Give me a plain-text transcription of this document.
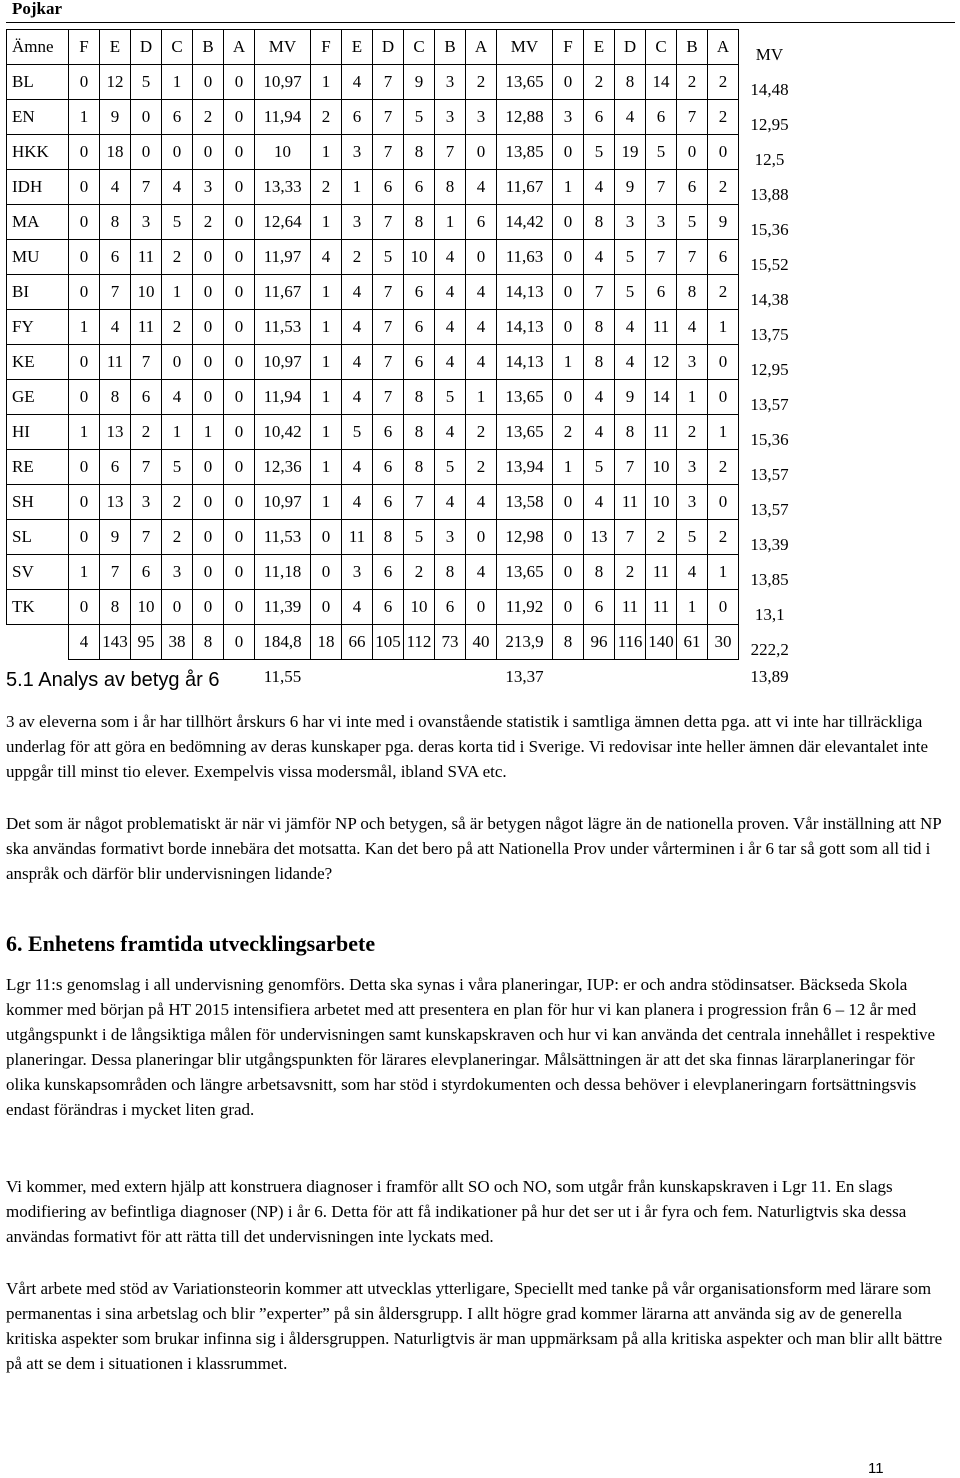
Pojkar
Ämne	F	E	D	C	B	A	MV	F	E	D	C	B	A	MV	F	E	D	C	B	A	MV
BL	0	12	5	1	0	0	10,97	1	4	7	9	3	2	13,65	0	2	8	14	2	2	14,48
EN	1	9	0	6	2	0	11,94	2	6	7	5	3	3	12,88	3	6	4	6	7	2	12,95
HKK	0	18	0	0	0	0	10	1	3	7	8	7	0	13,85	0	5	19	5	0	0	12,5
IDH	0	4	7	4	3	0	13,33	2	1	6	6	8	4	11,67	1	4	9	7	6	2	13,88
MA	0	8	3	5	2	0	12,64	1	3	7	8	1	6	14,42	0	8	3	3	5	9	15,36
MU	0	6	11	2	0	0	11,97	4	2	5	10	4	0	11,63	0	4	5	7	7	6	15,52
BI	0	7	10	1	0	0	11,67	1	4	7	6	4	4	14,13	0	7	5	6	8	2	14,38
FY	1	4	11	2	0	0	11,53	1	4	7	6	4	4	14,13	0	8	4	11	4	1	13,75
KE	0	11	7	0	0	0	10,97	1	4	7	6	4	4	14,13	1	8	4	12	3	0	12,95
GE	0	8	6	4	0	0	11,94	1	4	7	8	5	1	13,65	0	4	9	14	1	0	13,57
HI	1	13	2	1	1	0	10,42	1	5	6	8	4	2	13,65	2	4	8	11	2	1	15,36
RE	0	6	7	5	0	0	12,36	1	4	6	8	5	2	13,94	1	5	7	10	3	2	13,57
SH	0	13	3	2	0	0	10,97	1	4	6	7	4	4	13,58	0	4	11	10	3	0	13,57
SL	0	9	7	2	0	0	11,53	0	11	8	5	3	0	12,98	0	13	7	2	5	2	13,39
SV	1	7	6	3	0	0	11,18	0	3	6	2	8	4	13,65	0	8	2	11	4	1	13,85
TK	0	8	10	0	0	0	11,39	0	4	6	10	6	0	11,92	0	6	11	11	1	0	13,1
	4	143	95	38	8	0	184,8	18	66	105	112	73	40	213,9	8	96	116	140	61	30	222,2
							11,55							13,37							13,89
5.1 Analys av betyg år 6
3 av eleverna som i år har tillhört årskurs 6 har vi inte med i ovanstående statistik i samtliga ämnen detta pga. att vi inte har tillräckliga underlag för att göra en bedömning av deras kunskaper pga. deras korta tid i Sverige. Vi redovisar inte heller ämnen där elevantalet inte uppgår till minst tio elever. Exempelvis vissa modersmål, ibland SVA etc.
Det som är något problematiskt är när vi jämför NP och betygen, så är betygen något lägre än de nationella proven. Vår inställning att NP ska användas formativt borde innebära det motsatta. Kan det bero på att Nationella Prov under vårterminen i år 6 tar så gott som all tid i anspråk och därför blir undervisningen lidande?
6. Enhetens framtida utvecklingsarbete
Lgr 11:s genomslag i all undervisning genomförs. Detta ska synas i våra planeringar, IUP: er och andra stödinsatser. Bäckseda Skola kommer med början på HT 2015 intensifiera arbetet med att presentera en plan för hur vi kan planera i progression från 6 – 12 år med utgångspunkt i de långsiktiga målen för undervisningen samt kunskapskraven och hur vi kan använda det centrala innehållet i respektive planeringar. Dessa planeringar blir utgångspunkten för lärares elevplaneringar. Målsättningen är att det ska finnas lärarplaneringar för olika kunskapsområden och längre arbetsavsnitt, som har stöd i styrdokumenten och dessa behöver i elevplaneringarn fortsättningsvis endast förändras i mycket liten grad.
Vi kommer, med extern hjälp att konstruera diagnoser i framför allt SO och NO, som utgår från kunskapskraven i Lgr 11. En slags modifiering av befintliga diagnoser (NP) i år 6. Detta för att få indikationer på hur det ser ut i år fyra och fem. Naturligtvis ska dessa användas formativt för att rätta till det undervisningen inte lyckats med.
Vårt arbete med stöd av Variationsteorin kommer att utvecklas ytterligare, Speciellt med tanke på vår organisationsform med lärare som permanentas i sina arbetslag och blir ”experter” på sin åldersgrupp. I allt högre grad kommer lärarna att använda sig av de generella kritiska aspekter som brukar infinna sig i åldersgruppen. Naturligtvis är man uppmärksam på alla kritiska aspekter och man blir allt bättre på att se dem i situationen i klassrummet.
11
